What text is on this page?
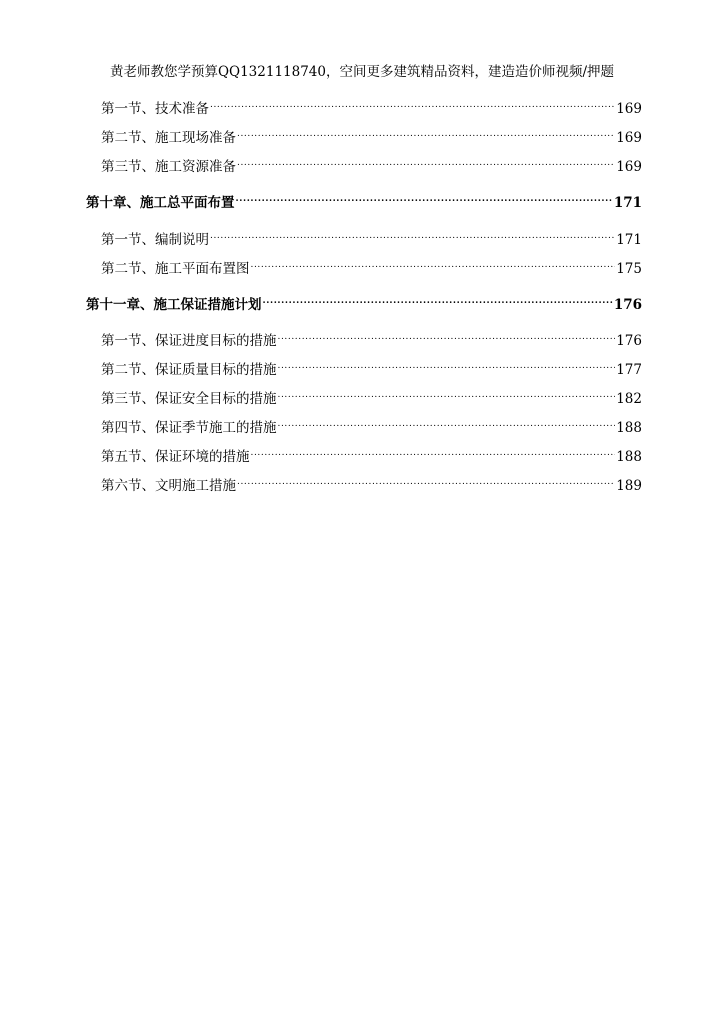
黄老师教您学预算QQ1321118740，空间更多建筑精品资料，建造造价师视频/押题
第一节、技术准备 .....	169
第二节、施工现场准备 .....	169
第三节、施工资源准备 .....	169
第十章、施工总平面布置 .....	171
第一节、编制说明 .....	171
第二节、施工平面布置图 .....	175
第十一章、施工保证措施计划 .....	176
第一节、保证进度目标的措施 .....	176
第二节、保证质量目标的措施 .....	177
第三节、保证安全目标的措施 .....	182
第四节、保证季节施工的措施 .....	188
第五节、保证环境的措施 .....	188
第六节、文明施工措施 .....	189
